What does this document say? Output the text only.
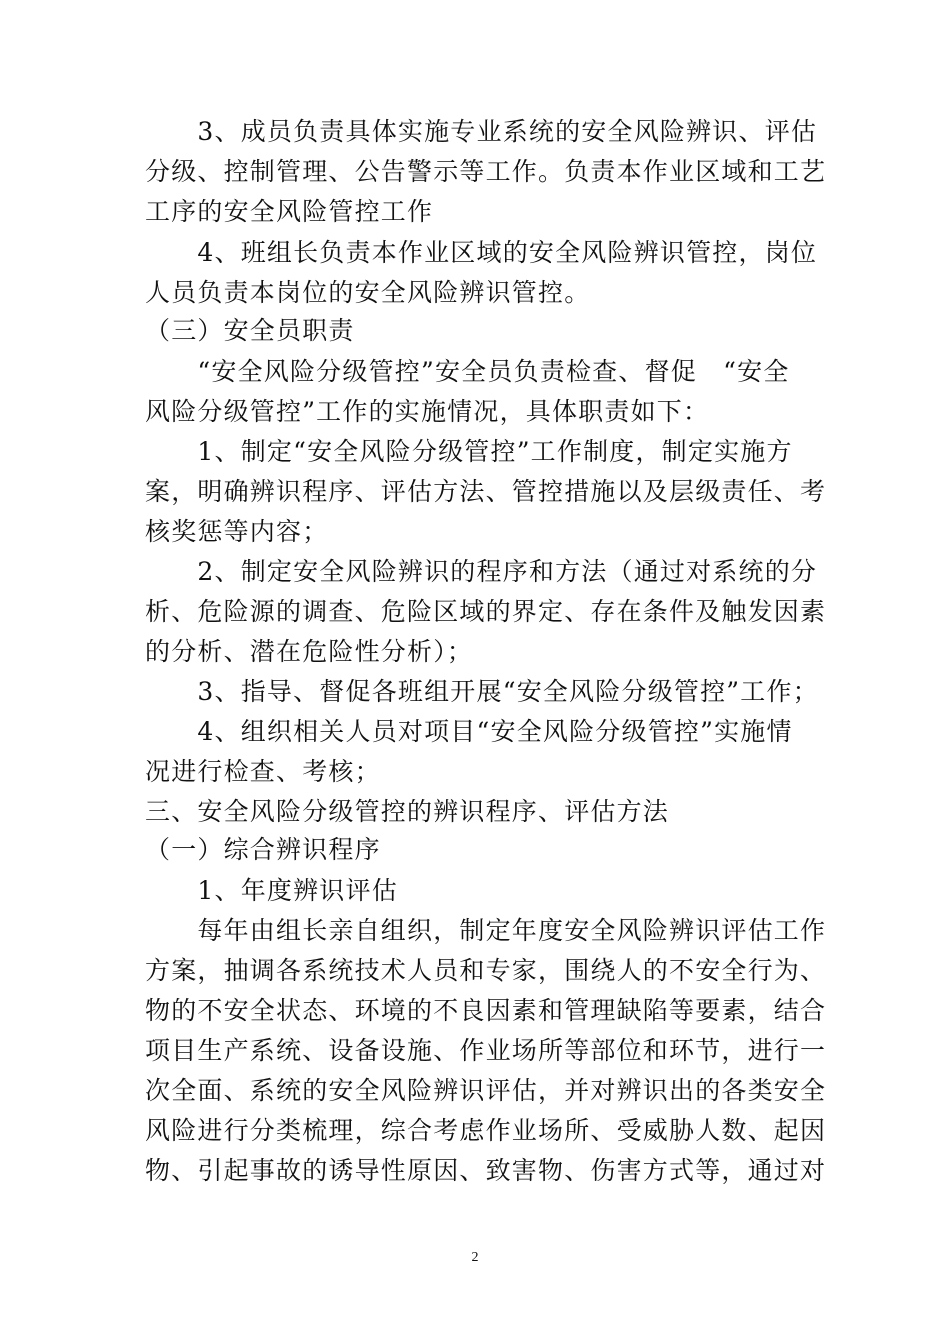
　　3、成员负责具体实施专业系统的安全风险辨识、评估
分级、控制管理、公告警示等工作。负责本作业区域和工艺
工序的安全风险管控工作
　　4、班组长负责本作业区域的安全风险辨识管控，岗位
人员负责本岗位的安全风险辨识管控。
（三）安全员职责
　　“安全风险分级管控”安全员负责检查、督促　“安全
风险分级管控”工作的实施情况，具体职责如下：
　　1、制定“安全风险分级管控”工作制度，制定实施方
案，明确辨识程序、评估方法、管控措施以及层级责任、考
核奖惩等内容；
　　2、制定安全风险辨识的程序和方法（通过对系统的分
析、危险源的调查、危险区域的界定、存在条件及触发因素
的分析、潜在危险性分析）；
　　3、指导、督促各班组开展“安全风险分级管控”工作；
　　4、组织相关人员对项目“安全风险分级管控”实施情
况进行检查、考核；
三、安全风险分级管控的辨识程序、评估方法
（一）综合辨识程序
　　1、年度辨识评估
　　每年由组长亲自组织，制定年度安全风险辨识评估工作
方案，抽调各系统技术人员和专家，围绕人的不安全行为、
物的不安全状态、环境的不良因素和管理缺陷等要素，结合
项目生产系统、设备设施、作业场所等部位和环节，进行一
次全面、系统的安全风险辨识评估，并对辨识出的各类安全
风险进行分类梳理，综合考虑作业场所、受威胁人数、起因
物、引起事故的诱导性原因、致害物、伤害方式等，通过对
2
